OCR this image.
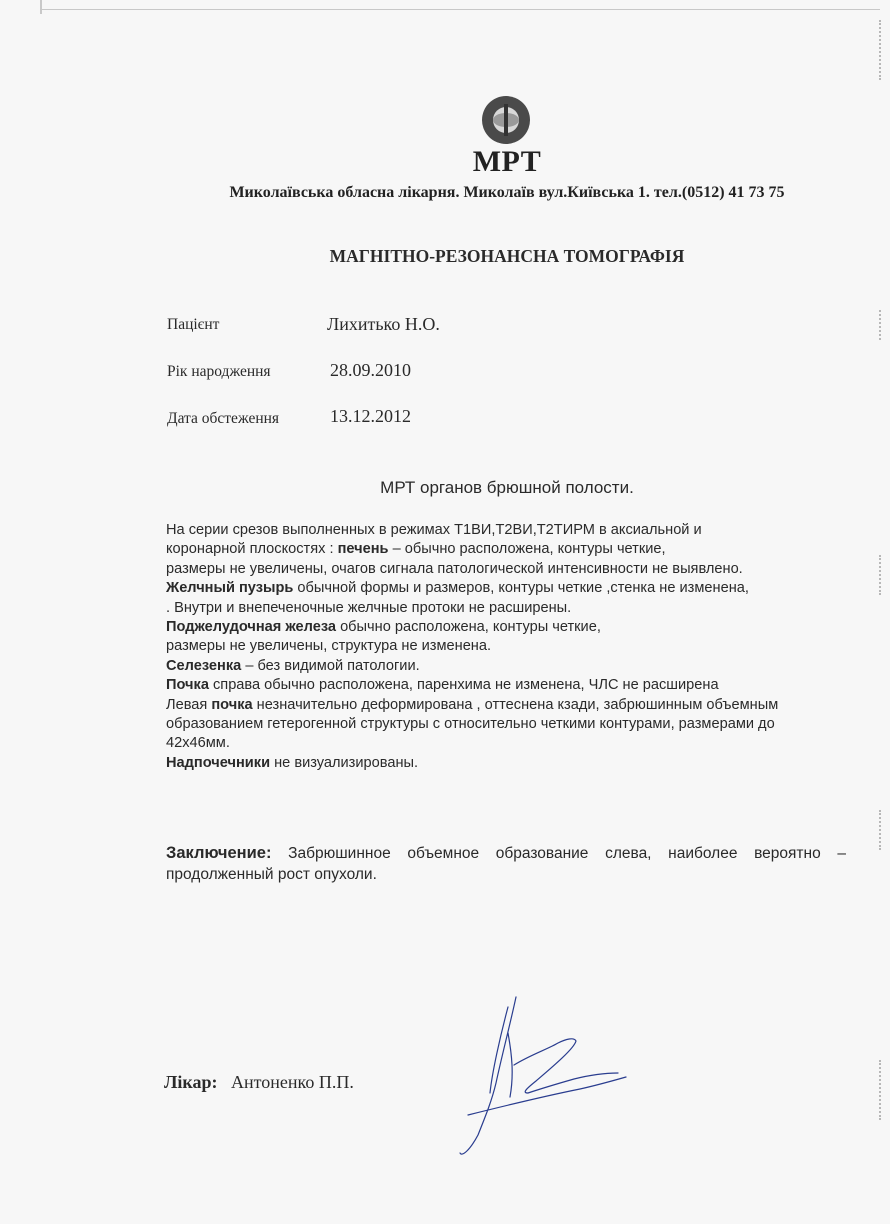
МРТ
Миколаївська обласна лікарня. Миколаїв вул.Київська 1. тел.(0512) 41 73 75
МАГНІТНО-РЕЗОНАНСНА ТОМОГРАФІЯ
Пацієнт	Лихитько Н.О.
Рік народження	28.09.2010
Дата обстеження	13.12.2012
МРТ органов брюшной полости.

На серии срезов выполненных в режимах Т1ВИ,Т2ВИ,Т2ТИРМ в аксиальной и

коронарной плоскостях : печень – обычно расположена, контуры четкие,

размеры не увеличены, очагов сигнала патологической интенсивности не выявлено.

Желчный пузырь обычной формы и размеров, контуры четкие ,стенка не изменена,

. Внутри и внепеченочные желчные протоки не расширены.

Поджелудочная железа обычно расположена, контуры четкие,

размеры не увеличены, структура не изменена.

Селезенка – без видимой патологии.

Почка справа обычно расположена, паренхима не изменена, ЧЛС не расширена

Левая почка незначительно деформирована , оттеснена кзади, забрюшинным объемным

образованием гетерогенной структуры с относительно четкими контурами, размерами до

42х46мм.

Надпочечники не визуализированы.

Заключение: Забрюшинное объемное образование слева, наиболее вероятно – продолженный рост опухоли.
Лікар: Антоненко П.П.
